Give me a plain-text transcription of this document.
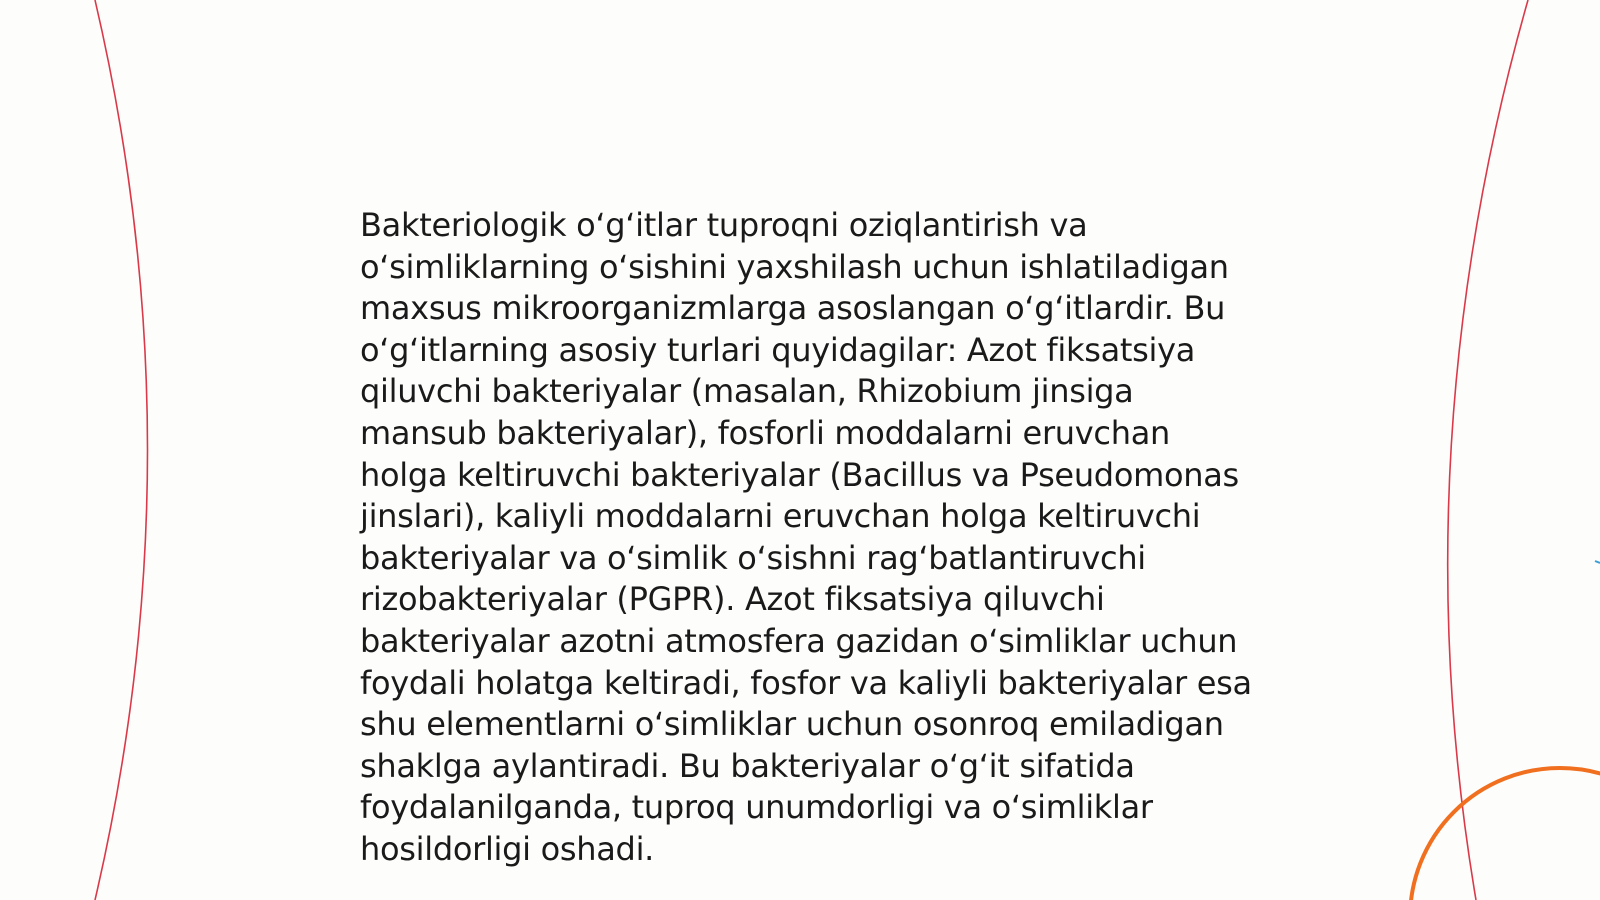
Bakteriologik oʻgʻitlar tuproqni oziqlantirish va oʻsimliklarning oʻsishini yaxshilash uchun ishlatiladigan maxsus mikroorganizmlarga asoslangan oʻgʻitlardir. Bu oʻgʻitlarning asosiy turlari quyidagilar: Azot fiksatsiya qiluvchi bakteriyalar (masalan, Rhizobium jinsiga mansub bakteriyalar), fosforli moddalarni eruvchan holga keltiruvchi bakteriyalar (Bacillus va Pseudomonas jinslari), kaliyli moddalarni eruvchan holga keltiruvchi bakteriyalar va oʻsimlik oʻsishni ragʻbatlantiruvchi rizobakteriyalar (PGPR). Azot fiksatsiya qiluvchi bakteriyalar azotni atmosfera gazidan oʻsimliklar uchun foydali holatga keltiradi, fosfor va kaliyli bakteriyalar esa shu elementlarni oʻsimliklar uchun osonroq emiladigan shaklga aylantiradi. Bu bakteriyalar oʻgʻit sifatida foydalanilganda, tuproq unumdorligi va oʻsimliklar hosildorligi oshadi.
